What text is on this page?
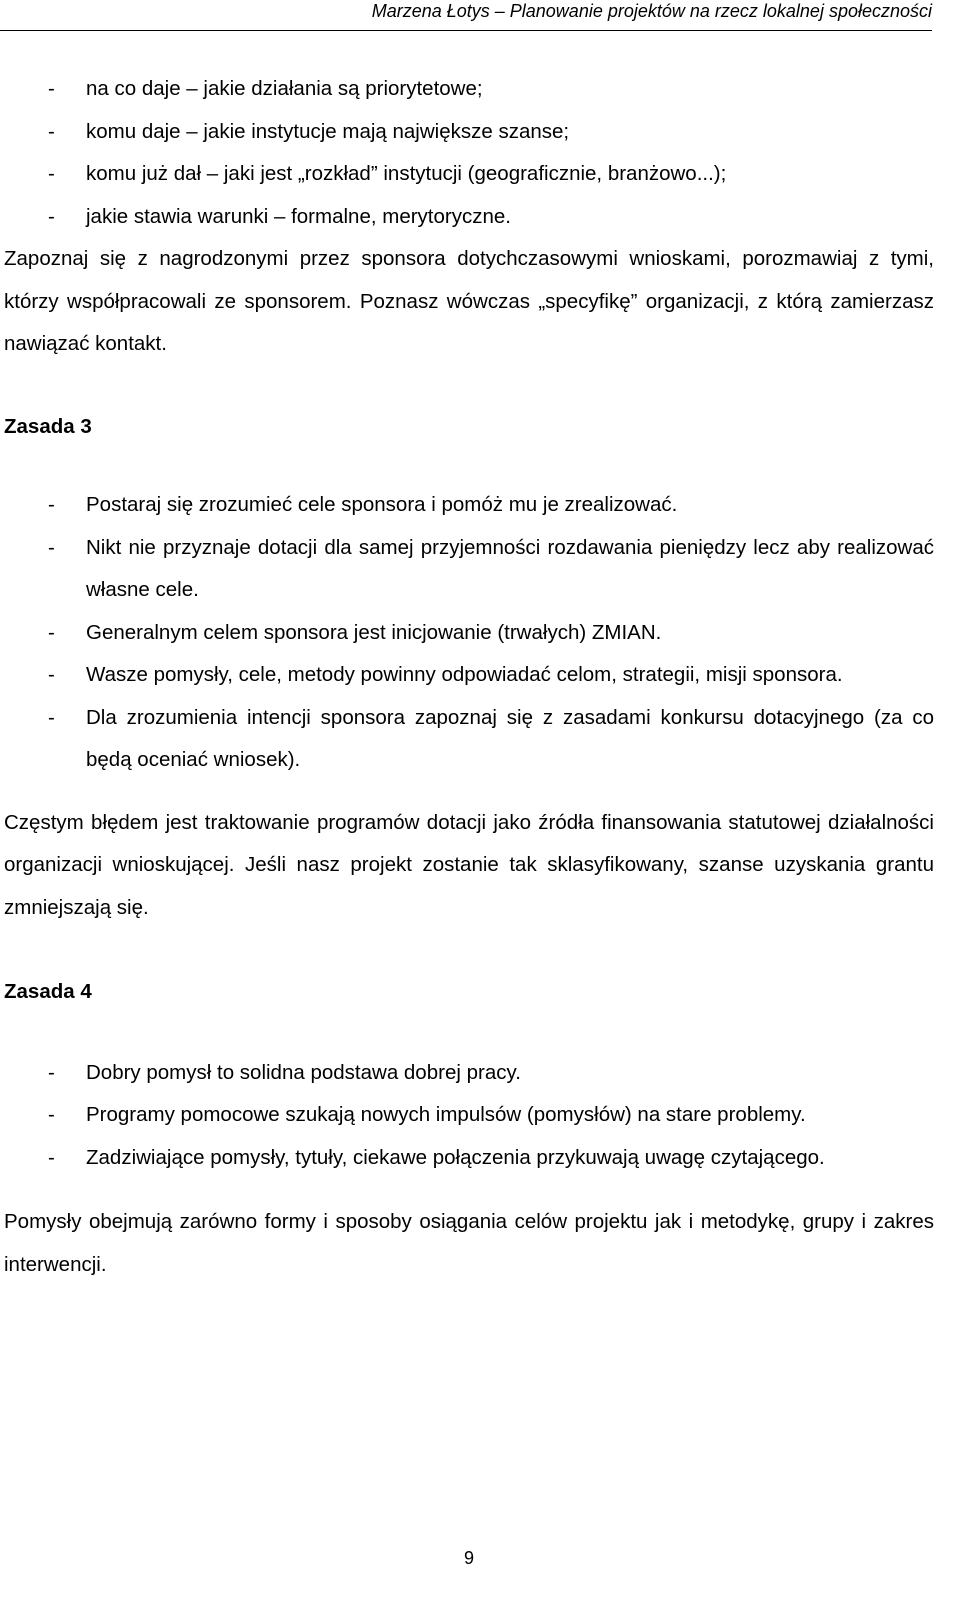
Marzena Łotys – Planowanie projektów na rzecz lokalnej społeczności
- na co daje – jakie działania są priorytetowe;
- komu daje – jakie instytucje mają największe szanse;
- komu już dał – jaki jest „rozkład” instytucji (geograficznie, branżowo...);
- jakie stawia warunki – formalne, merytoryczne.

Zapoznaj się z nagrodzonymi przez sponsora dotychczasowymi wnioskami, porozmawiaj z tymi, którzy współpracowali ze sponsorem. Poznasz wówczas „specyfikę” organizacji, z którą zamierzasz nawiązać kontakt.

Zasada 3

- Postaraj się zrozumieć cele sponsora i pomóż mu je zrealizować.
- Nikt nie przyznaje dotacji dla samej przyjemności rozdawania pieniędzy lecz aby realizować własne cele.
- Generalnym celem sponsora jest inicjowanie (trwałych) ZMIAN.
- Wasze pomysły, cele, metody powinny odpowiadać celom, strategii, misji sponsora.
- Dla zrozumienia intencji sponsora zapoznaj się z zasadami konkursu dotacyjnego (za co będą oceniać wniosek).

Częstym błędem jest traktowanie programów dotacji jako źródła finansowania statutowej działalności organizacji wnioskującej. Jeśli nasz projekt zostanie tak sklasyfikowany, szanse uzyskania grantu zmniejszają się.

Zasada 4

- Dobry pomysł to solidna podstawa dobrej pracy.
- Programy pomocowe szukają nowych impulsów (pomysłów) na stare problemy.
- Zadziwiające pomysły, tytuły, ciekawe połączenia przykuwają uwagę czytającego.

Pomysły obejmują zarówno formy i sposoby osiągania celów projektu jak i metodykę, grupy i zakres interwencji.

9
